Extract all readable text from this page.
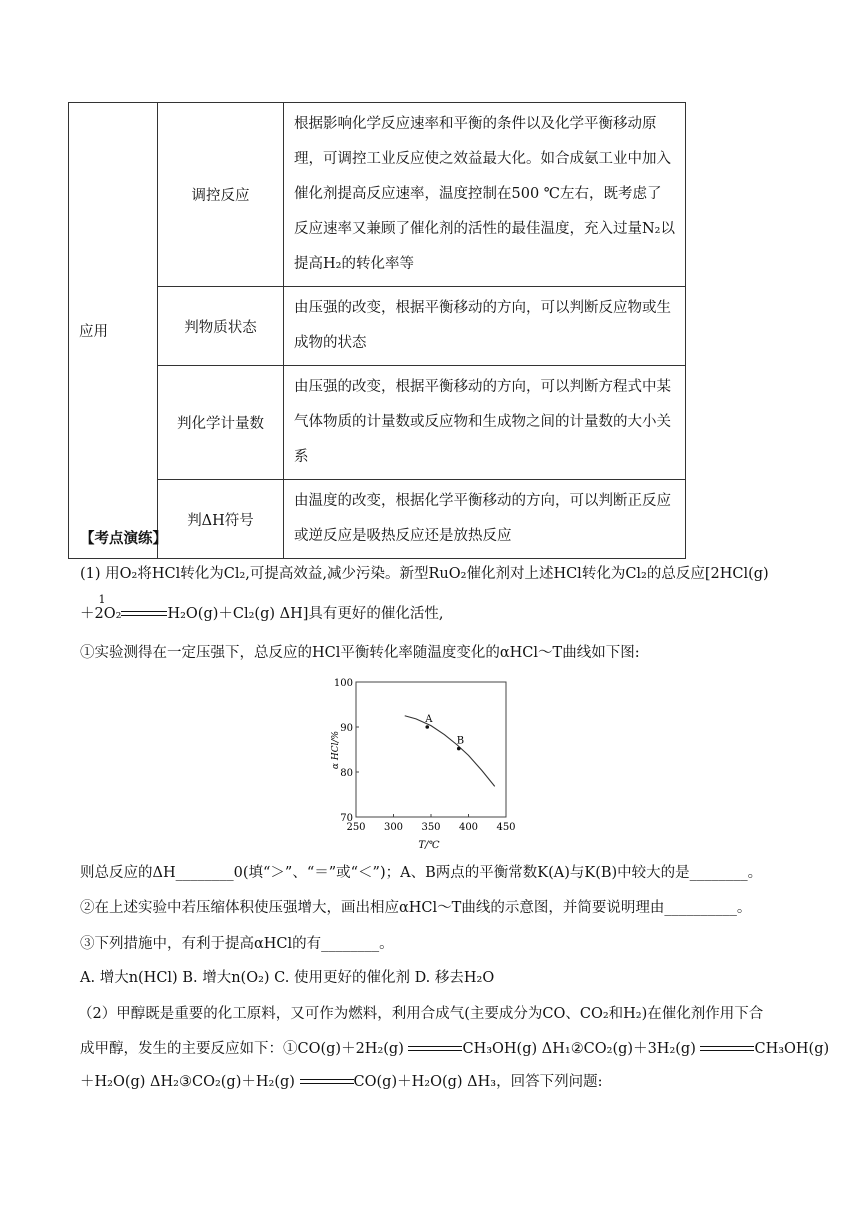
应用	调控反应	根据影响化学反应速率和平衡的条件以及化学平衡移动原理，可调控工业反应使之效益最大化。如合成氨工业中加入催化剂提高反应速率，温度控制在500 ℃左右，既考虑了反应速率又兼顾了催化剂的活性的最佳温度，充入过量N₂以提高H₂的转化率等
	判物质状态	由压强的改变，根据平衡移动的方向，可以判断反应物或生成物的状态
	判化学计量数	由压强的改变，根据平衡移动的方向，可以判断方程式中某气体物质的计量数或反应物和生成物之间的计量数的大小关系
	判ΔH符号	由温度的改变，根据化学平衡移动的方向，可以判断正反应或逆反应是吸热反应还是放热反应
【考点演练】
(1) 用O₂将HCl转化为Cl₂,可提高效益,减少污染。新型RuO₂催化剂对上述HCl转化为Cl₂的总反应[2HCl(g)
＋
1
2O₂	H₂O(g)＋Cl₂(g) ΔH]具有更好的催化活性,
①实验测得在一定压强下，总反应的HCl平衡转化率随温度变化的αHCl～T曲线如下图:
250 300 350 400 450
70
80
90
100
A
B
T/℃
α HCl/%
则总反应的ΔH________0(填“＞”、“＝”或“＜”)；A、B两点的平衡常数K(A)与K(B)中较大的是________。
②在上述实验中若压缩体积使压强增大，画出相应αHCl～T曲线的示意图，并简要说明理由__________。
③下列措施中，有利于提高αHCl的有________。
A. 增大n(HCl) B. 增大n(O₂) C. 使用更好的催化剂 D. 移去H₂O
（2）甲醇既是重要的化工原料，又可作为燃料，利用合成气(主要成分为CO、CO₂和H₂)在催化剂作用下合
成甲醇，发生的主要反应如下：①CO(g)＋2H₂(g)	CH₃OH(g) ΔH₁②CO₂(g)＋3H₂(g)	CH₃OH(g)
＋H₂O(g) ΔH₂③CO₂(g)＋H₂(g)	CO(g)＋H₂O(g) ΔH₃，回答下列问题:
